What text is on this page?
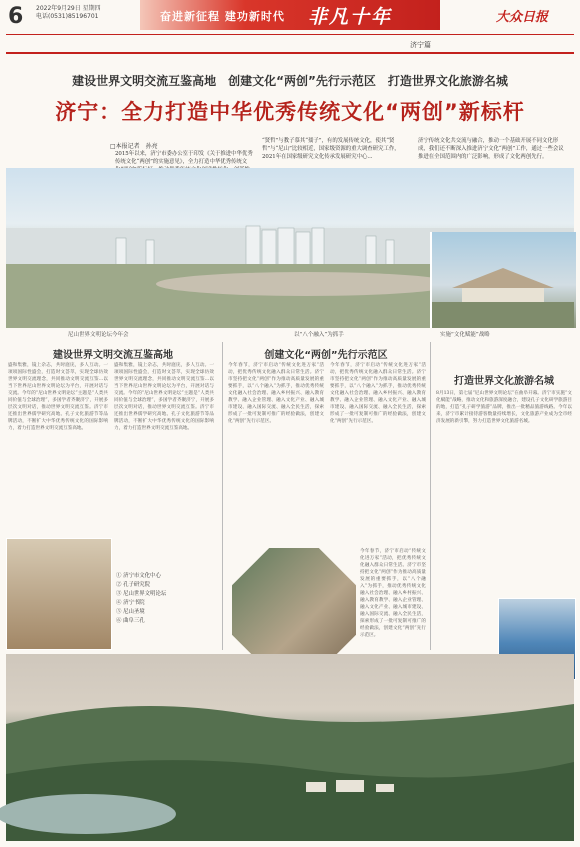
6 2022年9月29日 星期四
电话(0531)85196701	奋进新征程 建功新时代 非凡十年	大众日报
济宁篇
建设世界文明交流互鉴高地　创建文化“两创”先行示范区　打造世界文化旅游名城
济宁：全力打造中华优秀传统文化“两创”新标杆
□本报记者　孙亮
2015年以来，济宁市委办公室于印发《关于推进中华优秀传统文化“两创”的实施意见》，全力打造中华优秀传统文
“贤哲”与教子慕其“孺子”，有的发展传统文化，使其“贤哲”与“尼山”比较相近，国家级资源的重大调查研究工作，2021年在国家级研究文化传承发展研究中心...
济宁传统文化共交流与融合，推动一个基础开展不同文化形成，我们还不断深入推进济宁文化“两创”工作，通过一些会议推进在全国范围内的广泛影响，形成了文化两创先行。
尼山世界文明论坛今年会	以“八个融入”为抓手	实施“文化赋能”战略
建设世界文明交流互鉴高地
盛和集雅，镜上杂志，共时庭庑，多人互动。一项项国际性盛会，打造时文荟萃，实现全球仿效世界文明交流理念，共同推动文明交流互鉴...以当下世界尼山世界文明论坛为平台，开展对话与交流。今年的“尼山世界文明论坛”主题是“人类共同价值与全球治理”，多国学者齐聚济宁，开展多层次文明对话，推动世界文明交流互鉴。济宁市还推出世界儒学研究高地、孔子文化旅游节等品牌活动，不断扩大中华优秀传统文化的国际影响力，着力打造世界文明交流互鉴高地。
盛和集雅，镜上杂志，共时庭庑，多人互动。一项项国际性盛会，打造时文荟萃，实现全球仿效世界文明交流理念，共同推动文明交流互鉴...以当下世界尼山世界文明论坛为平台，开展对话与交流。今年的“尼山世界文明论坛”主题是“人类共同价值与全球治理”，多国学者齐聚济宁，开展多层次文明对话，推动世界文明交流互鉴。济宁市还推出世界儒学研究高地、孔子文化旅游节等品牌活动，不断扩大中华优秀传统文化的国际影响力，着力打造世界文明交流互鉴高地。
① 济宁市文化中心
② 孔子研究院
③ 尼山世界文明论坛
④ 济宁书院
⑤ 尼山圣境
⑥ 曲阜三孔
创建文化“两创”先行示范区
今年春节，济宁市启动“传统文化进万家”活动，把优秀传统文化融入群众日常生活。济宁市坚持把文化“两创”作为推动高质量发展的重要抓手，以“八个融入”为抓手，推动优秀传统文化融入社会治理、融入乡村振兴、融入教育教学、融入企业管理、融入文化产业、融入城市建设、融入国际交流、融入全民生活，探索形成了一批可复制可推广的经验做法，创建文化“两创”先行示范区。
今年春节，济宁市启动“传统文化进万家”活动，把优秀传统文化融入群众日常生活。济宁市坚持把文化“两创”作为推动高质量发展的重要抓手，以“八个融入”为抓手，推动优秀传统文化融入社会治理、融入乡村振兴、融入教育教学、融入企业管理、融入文化产业、融入城市建设、融入国际交流、融入全民生活，探索形成了一批可复制可推广的经验做法，创建文化“两创”先行示范区。
今年春节，济宁市启动“传统文化进万家”活动，把优秀传统文化融入群众日常生活。济宁市坚持把文化“两创”作为推动高质量发展的重要抓手，以“八个融入”为抓手，推动优秀传统文化融入社会治理、融入乡村振兴、融入教育教学、融入企业管理、融入文化产业、融入城市建设、融入国际交流、融入全民生活，探索形成了一批可复制可推广的经验做法，创建文化“两创”先行示范区。
打造世界文化旅游名城
8月13日，第七届“尼山世界文明论坛”在曲阜开幕。济宁市实施“文化赋能”战略，推动文化和旅游深度融合，建设孔子文化研学旅游目的地，打造“孔子研学旅游”品牌，推出一批精品旅游线路。今年以来，济宁市累计接待游客数量持续增长，文化旅游产业成为全市经济发展的新引擎，努力打造世界文化旅游名城。
